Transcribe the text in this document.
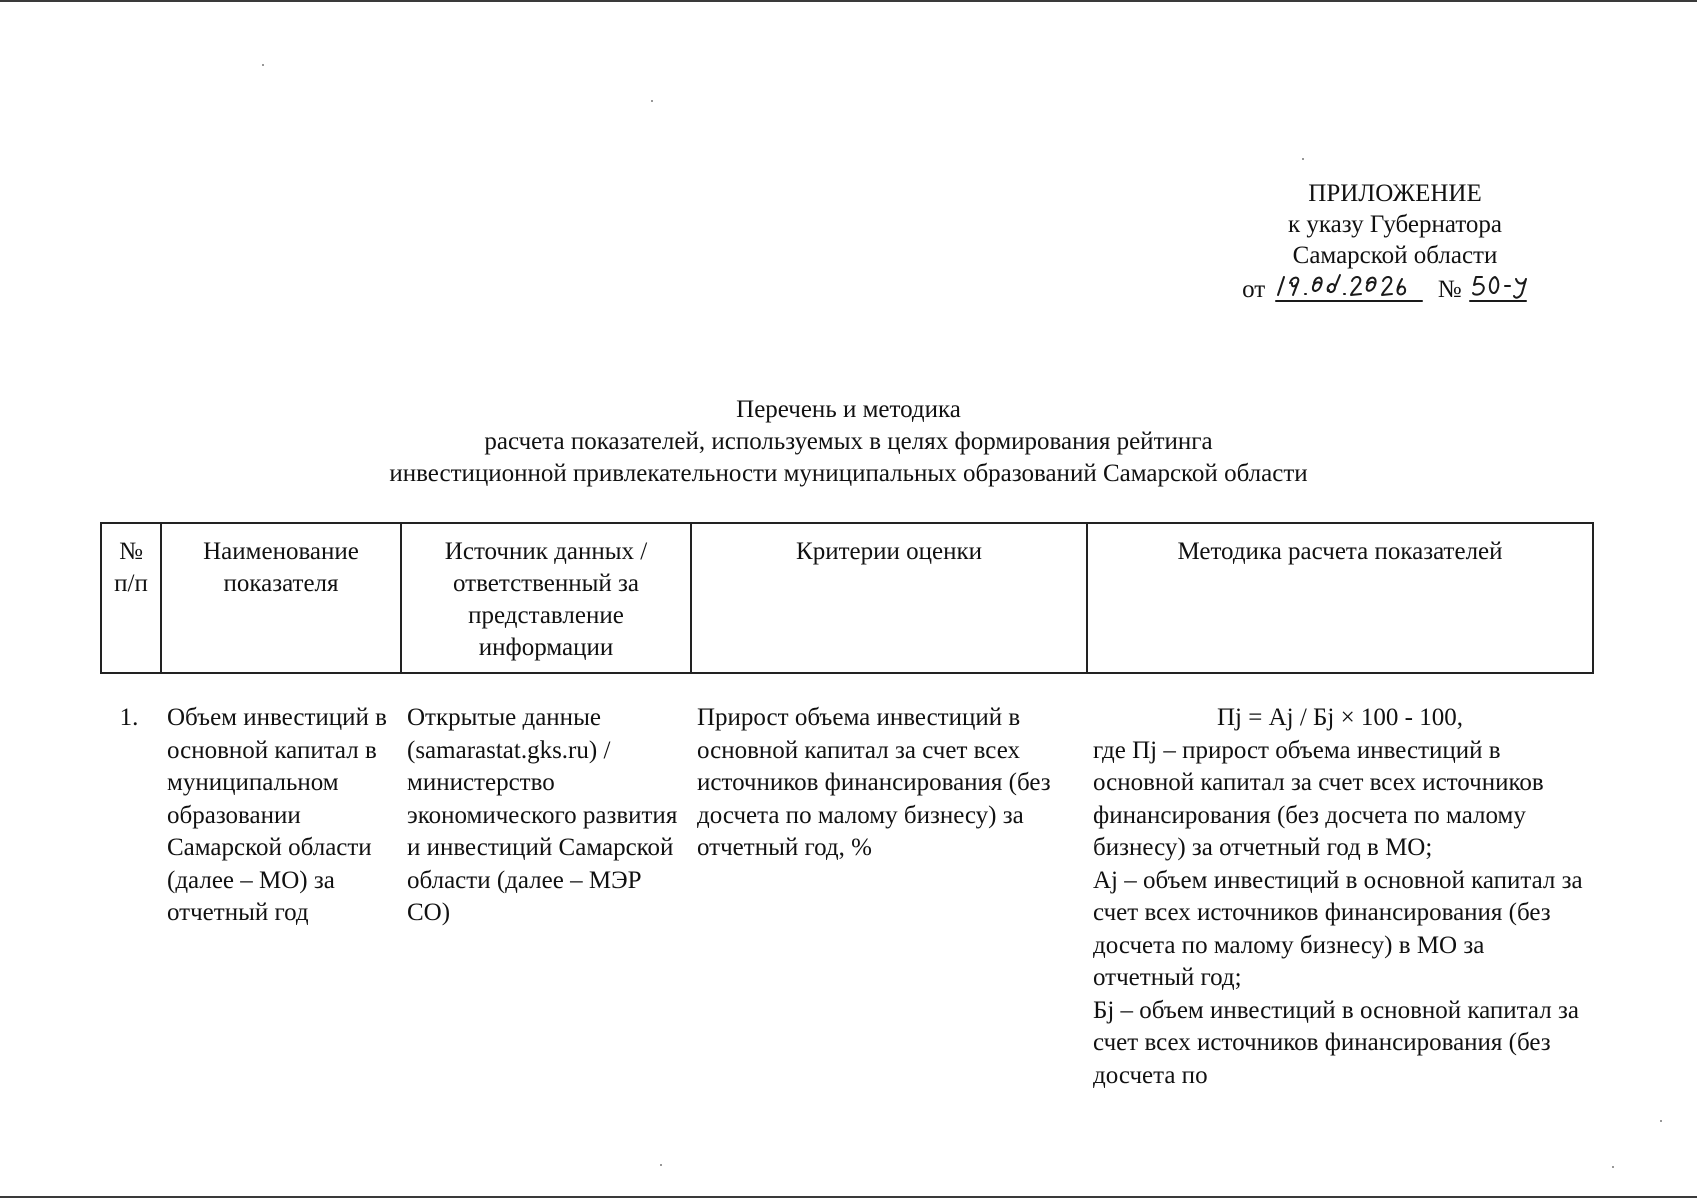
ПРИЛОЖЕНИЕ
к указу Губернатора
Самарской области
от	№
Перечень и методика
расчета показателей, используемых в целях формирования рейтинга
инвестиционной привлекательности муниципальных образований Самарской области
№ п/п	Наименование показателя	Источник данных / ответственный за представление информации	Критерии оценки	Методика расчета показателей
1.	Объем инвестиций в основной капитал в муниципальном образовании Самарской области (далее – МО) за отчетный год	Открытые данные (samarastat.gks.ru) / министерство экономического развития и инвестиций Самарской области (далее – МЭР СО)	Прирост объема инвестиций в основной капитал за счет всех источников финансирования (без досчета по малому бизнесу) за отчетный год, %	Пj = Аj / Бj × 100 - 100,
где Пj – прирост объема инвестиций в основной капитал за счет всех источников финансирования (без досчета по малому бизнесу) за отчетный год в МО;
Аj – объем инвестиций в основной капитал за счет всех источников финансирования (без досчета по малому бизнесу) в МО за отчетный год;
Бj – объем инвестиций в основной капитал за счет всех источников финансирования (без досчета по
